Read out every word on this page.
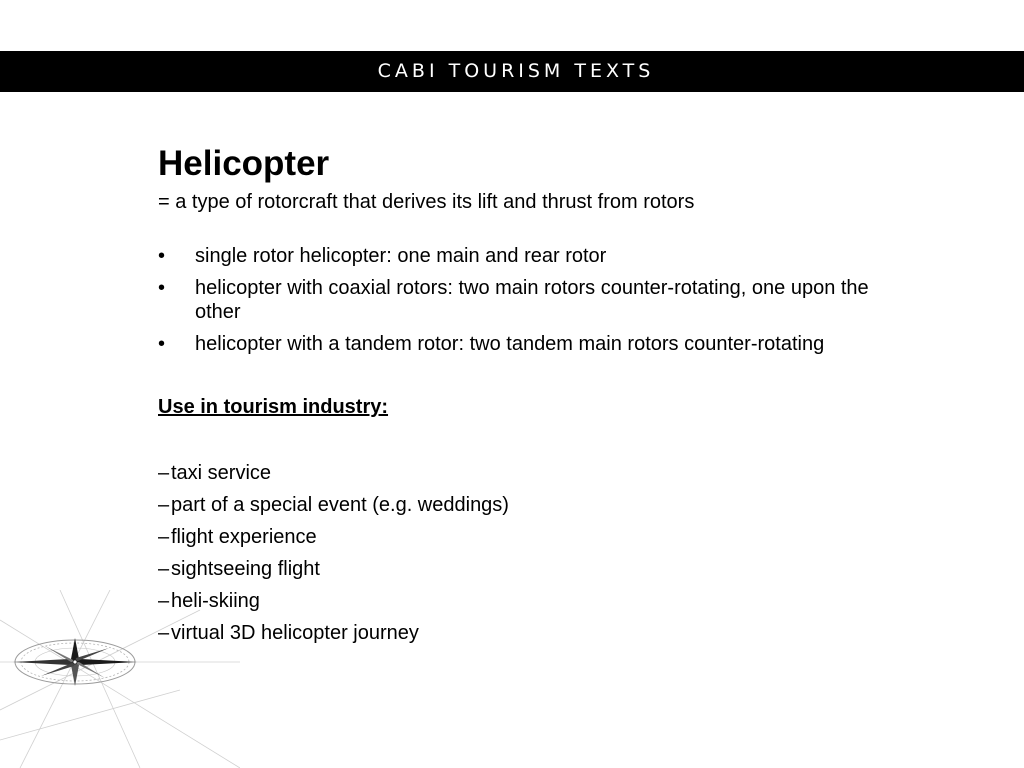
CABI TOURISM TEXTS
Helicopter

= a type of rotorcraft that derives its lift and thrust from rotors

• single rotor helicopter: one main and rear rotor
• helicopter with coaxial rotors: two main rotors counter-rotating, one upon the other
• helicopter with a tandem rotor: two tandem main rotors counter-rotating

Use in tourism industry:

–taxi service
–part of a special event (e.g. weddings)
–flight experience
–sightseeing flight
–heli-skiing
–virtual 3D helicopter journey
